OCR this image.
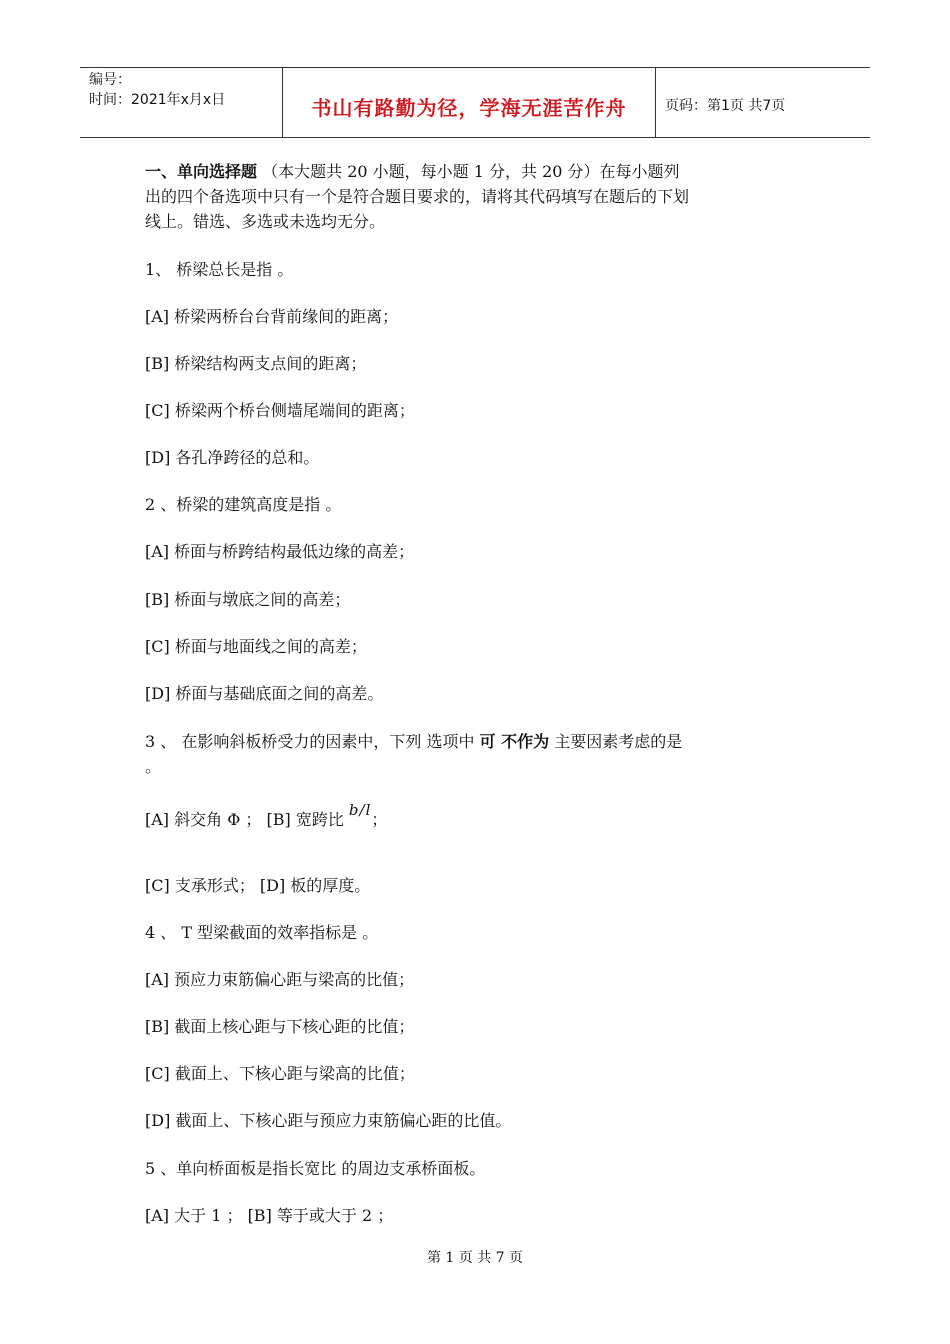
编号：
时间：2021年x月x日	书山有路勤为径，学海无涯苦作舟	页码：第1页 共7页
一、单向选择题 （本大题共 20 小题，每小题 1 分，共 20 分）在每小题列
出的四个备选项中只有一个是符合题目要求的，请将其代码填写在题后的下划
线上。错选、多选或未选均无分。
1、 桥梁总长是指 。
[A] 桥梁两桥台台背前缘间的距离；
[B] 桥梁结构两支点间的距离；
[C] 桥梁两个桥台侧墙尾端间的距离；
[D] 各孔净跨径的总和。
2 、桥梁的建筑高度是指 。
[A] 桥面与桥跨结构最低边缘的高差；
[B] 桥面与墩底之间的高差；
[C] 桥面与地面线之间的高差；
[D] 桥面与基础底面之间的高差。
3 、 在影响斜板桥受力的因素中，下列 选项中 可 不作为 主要因素考虑的是
。
[A] 斜交角 Φ ； [B] 宽跨比 b/l；
[C] 支承形式； [D] 板的厚度。
4 、 T 型梁截面的效率指标是 。
[A] 预应力束筋偏心距与梁高的比值；
[B] 截面上核心距与下核心距的比值；
[C] 截面上、下核心距与梁高的比值；
[D] 截面上、下核心距与预应力束筋偏心距的比值。
5 、单向桥面板是指长宽比 的周边支承桥面板。
[A] 大于 1 ； [B] 等于或大于 2 ；
第 1 页 共 7 页
